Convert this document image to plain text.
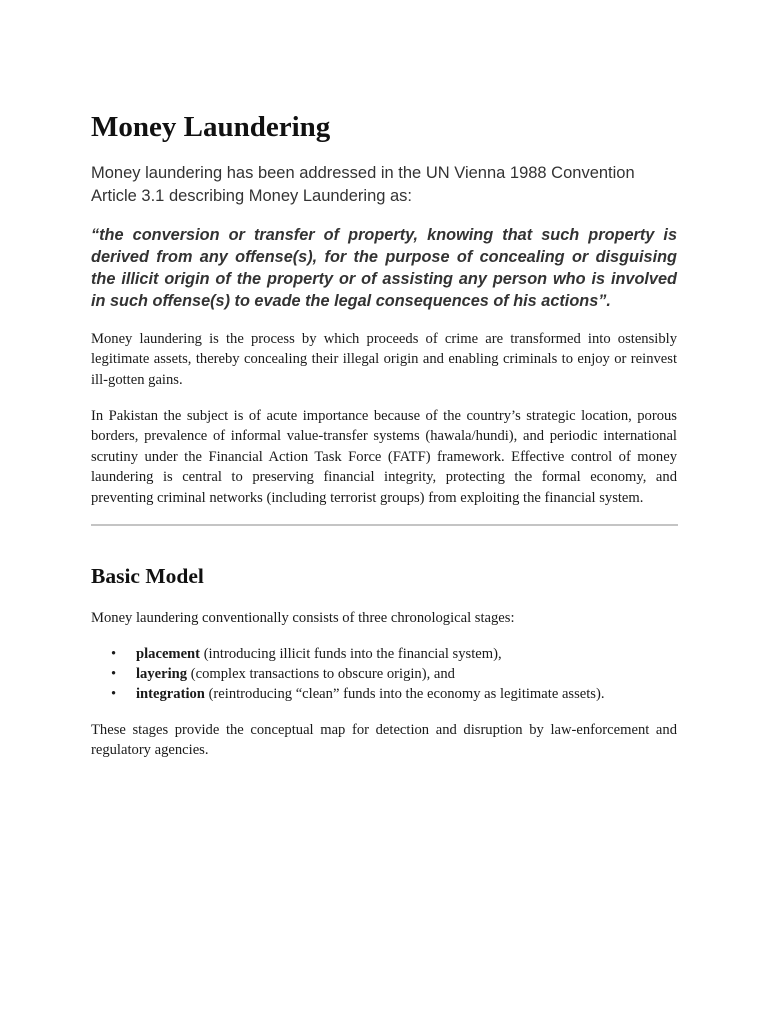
Money Laundering

Money laundering has been addressed in the UN Vienna 1988 Convention Article 3.1 describing Money Laundering as:

“the conversion or transfer of property, knowing that such property is derived from any offense(s), for the purpose of concealing or disguising the illicit origin of the property or of assisting any person who is involved in such offense(s) to evade the legal consequences of his actions”.

Money laundering is the process by which proceeds of crime are transformed into ostensibly legitimate assets, thereby concealing their illegal origin and enabling criminals to enjoy or reinvest ill-gotten gains.

In Pakistan the subject is of acute importance because of the country’s strategic location, porous borders, prevalence of informal value-transfer systems (hawala/hundi), and periodic international scrutiny under the Financial Action Task Force (FATF) framework. Effective control of money laundering is central to preserving financial integrity, protecting the formal economy, and preventing criminal networks (including terrorist groups) from exploiting the financial system.

Basic Model

Money laundering conventionally consists of three chronological stages:

• placement (introducing illicit funds into the financial system),
• layering (complex transactions to obscure origin), and
• integration (reintroducing “clean” funds into the economy as legitimate assets).

These stages provide the conceptual map for detection and disruption by law-enforcement and regulatory agencies.
